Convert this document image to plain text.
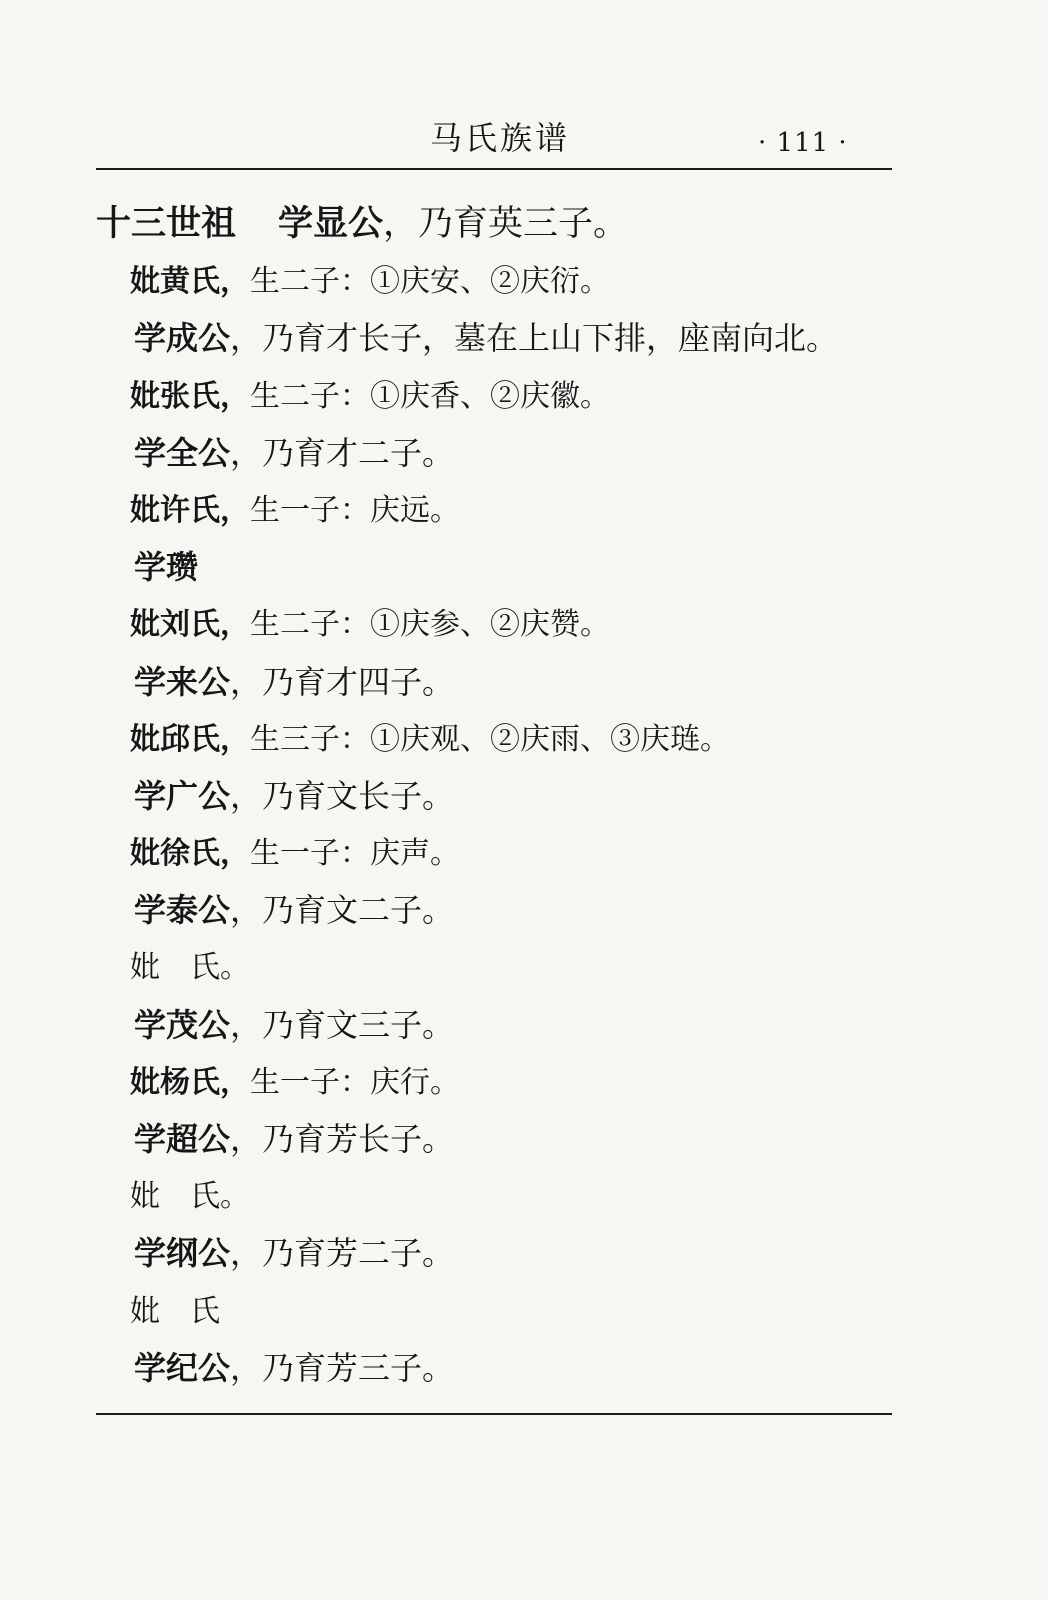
马氏族谱	· 111 ·
十三世祖 学显公，乃育英三子。
妣黄氏，生二子：①庆安、②庆衍。
学成公，乃育才长子，墓在上山下排，座南向北。
妣张氏，生二子：①庆香、②庆徽。
学全公，乃育才二子。
妣许氏，生一子：庆远。
学瓒
妣刘氏，生二子：①庆参、②庆赞。
学来公，乃育才四子。
妣邱氏，生三子：①庆观、②庆雨、③庆琏。
学广公，乃育文长子。
妣徐氏，生一子：庆声。
学泰公，乃育文二子。
妣　氏。
学茂公，乃育文三子。
妣杨氏，生一子：庆行。
学超公，乃育芳长子。
妣　氏。
学纲公，乃育芳二子。
妣　氏
学纪公，乃育芳三子。
